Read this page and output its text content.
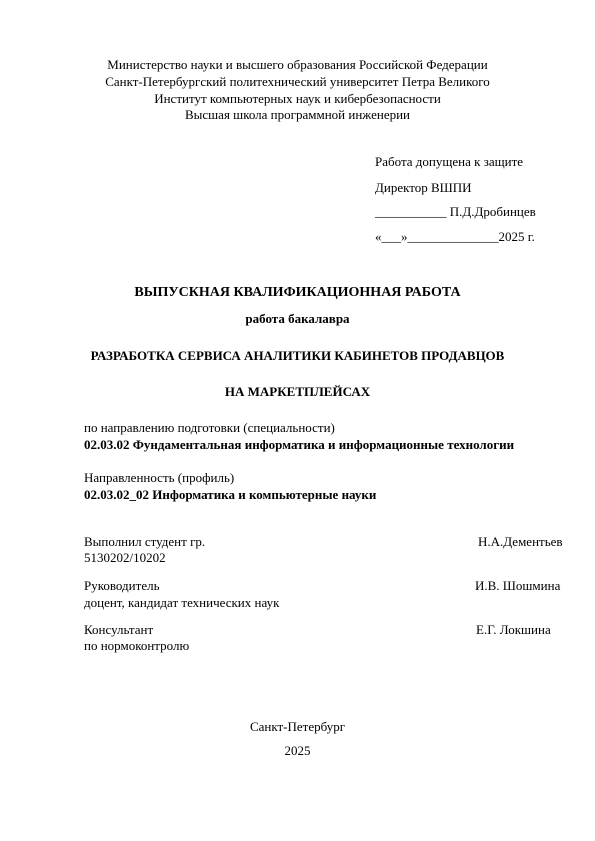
Министерство науки и высшего образования Российской Федерации
Санкт-Петербургский политехнический университет Петра Великого
Институт компьютерных наук и кибербезопасности
Высшая школа программной инженерии
Работа допущена к защите
Директор ВШПИ
___________ П.Д.Дробинцев
«___»______________2025 г.
ВЫПУСКНАЯ КВАЛИФИКАЦИОННАЯ РАБОТА
работа бакалавра
РАЗРАБОТКА СЕРВИСА АНАЛИТИКИ КАБИНЕТОВ ПРОДАВЦОВ
НА МАРКЕТПЛЕЙСАХ
по направлению подготовки (специальности)
02.03.02 Фундаментальная информатика и информационные технологии
Направленность (профиль)
02.03.02_02 Информатика и компьютерные науки
Выполнил студент гр.	Н.А.Дементьев
5130202/10202
Руководитель	И.В. Шошмина
доцент, кандидат технических наук
Консультант	Е.Г. Локшина
по нормоконтролю
Санкт-Петербург
2025
